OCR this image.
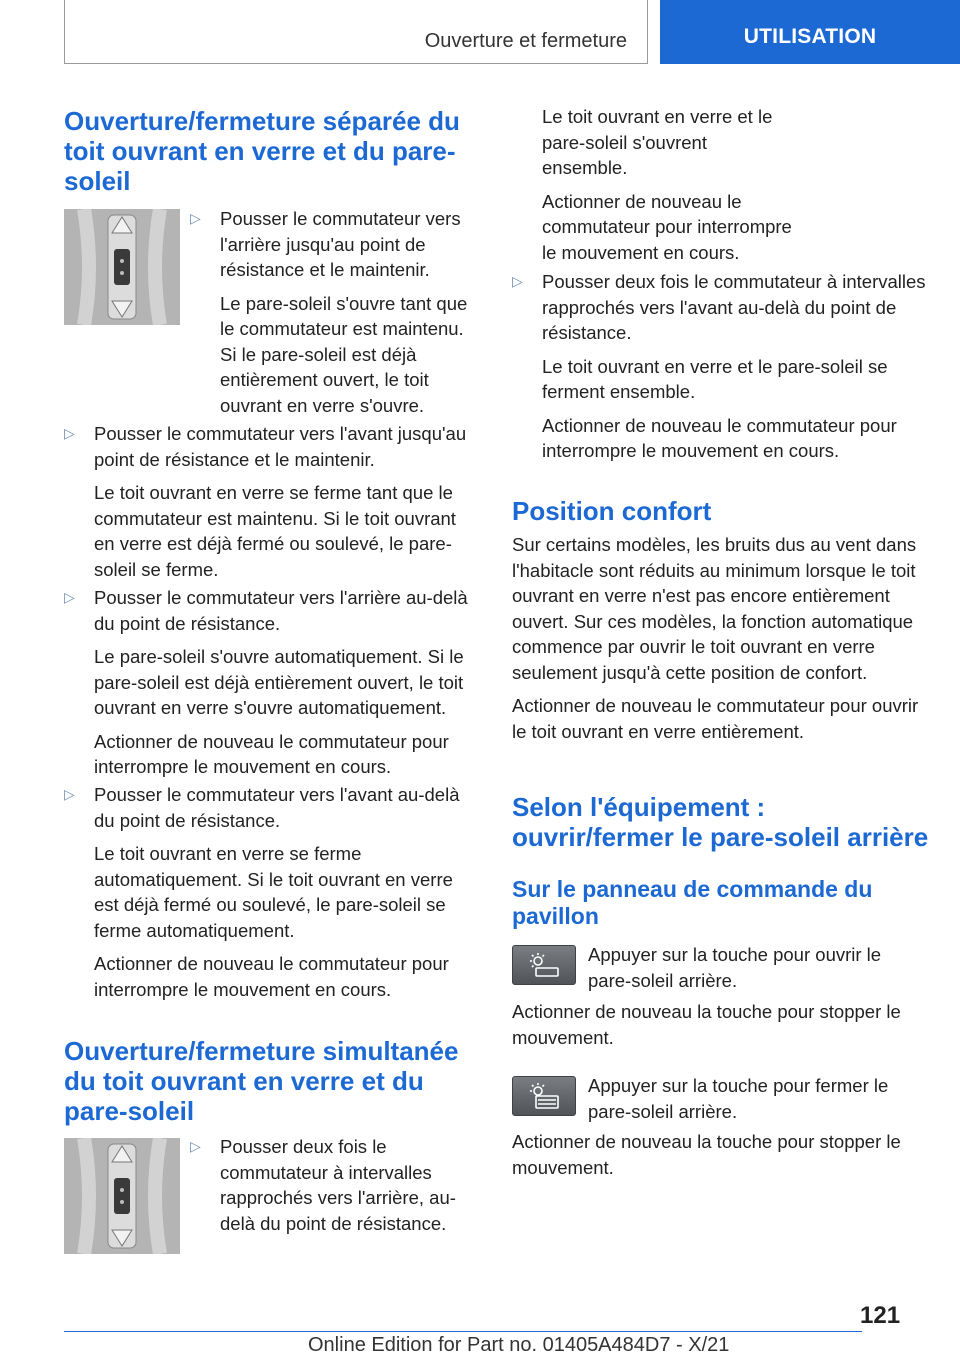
Ouverture et fermeture	UTILISATION
Ouverture/fermeture séparée du toit ouvrant en verre et du pare-soleil
▷ Pousser le commutateur vers l'arrière jusqu'au point de résistance et le maintenir.

Le pare-soleil s'ouvre tant que le commutateur est maintenu. Si le pare-soleil est déjà entièrement ouvert, le toit ouvrant en verre s'ouvre.

▷ Pousser le commutateur vers l'avant jusqu'au point de résistance et le maintenir.

Le toit ouvrant en verre se ferme tant que le commutateur est maintenu. Si le toit ouvrant en verre est déjà fermé ou soulevé, le pare-soleil se ferme.

▷ Pousser le commutateur vers l'arrière au-delà du point de résistance.

Le pare-soleil s'ouvre automatiquement. Si le pare-soleil est déjà entièrement ouvert, le toit ouvrant en verre s'ouvre automatiquement.

Actionner de nouveau le commutateur pour interrompre le mouvement en cours.

▷ Pousser le commutateur vers l'avant au-delà du point de résistance.

Le toit ouvrant en verre se ferme automatiquement. Si le toit ouvrant en verre est déjà fermé ou soulevé, le pare-soleil se ferme automatiquement.

Actionner de nouveau le commutateur pour interrompre le mouvement en cours.

Ouverture/fermeture simultanée du toit ouvrant en verre et du pare-soleil
▷ Pousser deux fois le commutateur à intervalles rapprochés vers l'arrière, au-delà du point de résistance.

Le toit ouvrant en verre et le pare-soleil s'ouvrent ensemble.

Actionner de nouveau le commutateur pour interrompre le mouvement en cours.

▷ Pousser deux fois le commutateur à intervalles rapprochés vers l'avant au-delà du point de résistance.

Le toit ouvrant en verre et le pare-soleil se ferment ensemble.

Actionner de nouveau le commutateur pour interrompre le mouvement en cours.

Position confort

Sur certains modèles, les bruits dus au vent dans l'habitacle sont réduits au minimum lorsque le toit ouvrant en verre n'est pas encore entièrement ouvert. Sur ces modèles, la fonction automatique commence par ouvrir le toit ouvrant en verre seulement jusqu'à cette position de confort.

Actionner de nouveau le commutateur pour ouvrir le toit ouvrant en verre entièrement.

Selon l'équipement : ouvrir/fermer le pare-soleil arrière
Sur le panneau de commande du pavillon

Appuyer sur la touche pour ouvrir le pare-soleil arrière.

Actionner de nouveau la touche pour stopper le mouvement.

Appuyer sur la touche pour fermer le pare-soleil arrière.

Actionner de nouveau la touche pour stopper le mouvement.

121
Online Edition for Part no. 01405A484D7 - X/21
